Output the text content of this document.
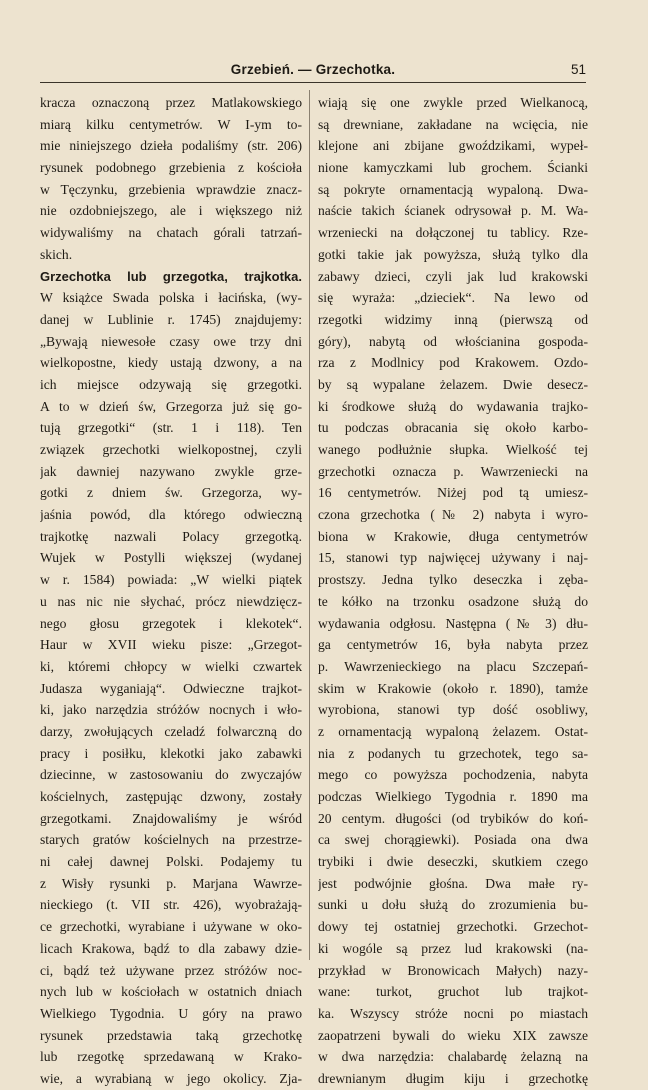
Grzebień. — Grzechotka.	51
kracza oznaczoną przez Matlakowskiego
miarą kilku centymetrów. W I-ym to-
mie niniejszego dzieła podaliśmy (str. 206)
rysunek podobnego grzebienia z kościoła
w Tęczynku, grzebienia wprawdzie znacz-
nie ozdobniejszego, ale i większego niż
widywaliśmy na chatach górali tatrzań-
skich.
Grzechotka lub grzegotka, trajkotka.
W książce Swada polska i łacińska, (wy-
danej w Lublinie r. 1745) znajdujemy:
„Bywają niewesołe czasy owe trzy dni
wielkopostne, kiedy ustają dzwony, a na
ich miejsce odzywają się grzegotki.
A to w dzień św, Grzegorza już się go-
tują grzegotki“ (str. 1 i 118). Ten
związek grzechotki wielkopostnej, czyli
jak dawniej nazywano zwykle grze-
gotki z dniem św. Grzegorza, wy-
jaśnia powód, dla którego odwieczną
trajkotkę nazwali Polacy grzegotką.
Wujek w Postylli większej (wydanej
w r. 1584) powiada: „W wielki piątek
u nas nic nie słychać, prócz niewdzięcz-
nego głosu grzegotek i klekotek“.
Haur w XVII wieku pisze: „Grzegot-
ki, któremi chłopcy w wielki czwartek
Judasza wyganiają“. Odwieczne trajkot-
ki, jako narzędzia stróżów nocnych i wło-
darzy, zwołujących czeladź folwarczną do
pracy i posiłku, klekotki jako zabawki
dziecinne, w zastosowaniu do zwyczajów
kościelnych, zastępując dzwony, zostały
grzegotkami. Znajdowaliśmy je wśród
starych gratów kościelnych na przestrze-
ni całej dawnej Polski. Podajemy tu
z Wisły rysunki p. Marjana Wawrze-
nieckiego (t. VII str. 426), wyobrażają-
ce grzechotki, wyrabiane i używane w oko-
licach Krakowa, bądź to dla zabawy dzie-
ci, bądź też używane przez stróżów noc-
nych lub w kościołach w ostatnich dniach
Wielkiego Tygodnia. U góry na prawo
rysunek przedstawia taką grzechotkę
lub rzegotkę sprzedawaną w Krako-
wie, a wyrabianą w jego okolicy. Zja-
wiają się one zwykle przed Wielkanocą,
są drewniane, zakładane na wcięcia, nie
klejone ani zbijane gwoździkami, wypeł-
nione kamyczkami lub grochem. Ścianki
są pokryte ornamentacją wypaloną. Dwa-
naście takich ścianek odrysował p. M. Wa-
wrzeniecki na dołączonej tu tablicy. Rze-
gotki takie jak powyższa, służą tylko dla
zabawy dzieci, czyli jak lud krakowski
się wyraża: „dzieciek“. Na lewo od
rzegotki widzimy inną (pierwszą od
góry), nabytą od włościanina gospoda-
rza z Modlnicy pod Krakowem. Ozdo-
by są wypalane żelazem. Dwie desecz-
ki środkowe służą do wydawania trajko-
tu podczas obracania się około karbo-
wanego podłużnie słupka. Wielkość tej
grzechotki oznacza p. Wawrzeniecki na
16 centymetrów. Niżej pod tą umiesz-
czona grzechotka (№ 2) nabyta i wyro-
biona w Krakowie, długa centymetrów
15, stanowi typ najwięcej używany i naj-
prostszy. Jedna tylko deseczka i zęba-
te kółko na trzonku osadzone służą do
wydawania odgłosu. Następna (№ 3) dłu-
ga centymetrów 16, była nabyta przez
p. Wawrzenieckiego na placu Szczepań-
skim w Krakowie (około r. 1890), tamże
wyrobiona, stanowi typ dość osobliwy,
z ornamentacją wypaloną żelazem. Ostat-
nia z podanych tu grzechotek, tego sa-
mego co powyższa pochodzenia, nabyta
podczas Wielkiego Tygodnia r. 1890 ma
20 centym. długości (od trybików do koń-
ca swej chorągiewki). Posiada ona dwa
trybiki i dwie deseczki, skutkiem czego
jest podwójnie głośna. Dwa małe ry-
sunki u dołu służą do zrozumienia bu-
dowy tej ostatniej grzechotki. Grzechot-
ki wogóle są przez lud krakowski (na-
przykład w Bronowicach Małych) nazy-
wane: turkot, gruchot lub trajkot-
ka. Wszyscy stróże nocni po miastach
zaopatrzeni bywali do wieku XIX zawsze
w dwa narzędzia: chalabardę żelazną na
drewnianym długim kiju i grzechotkę
